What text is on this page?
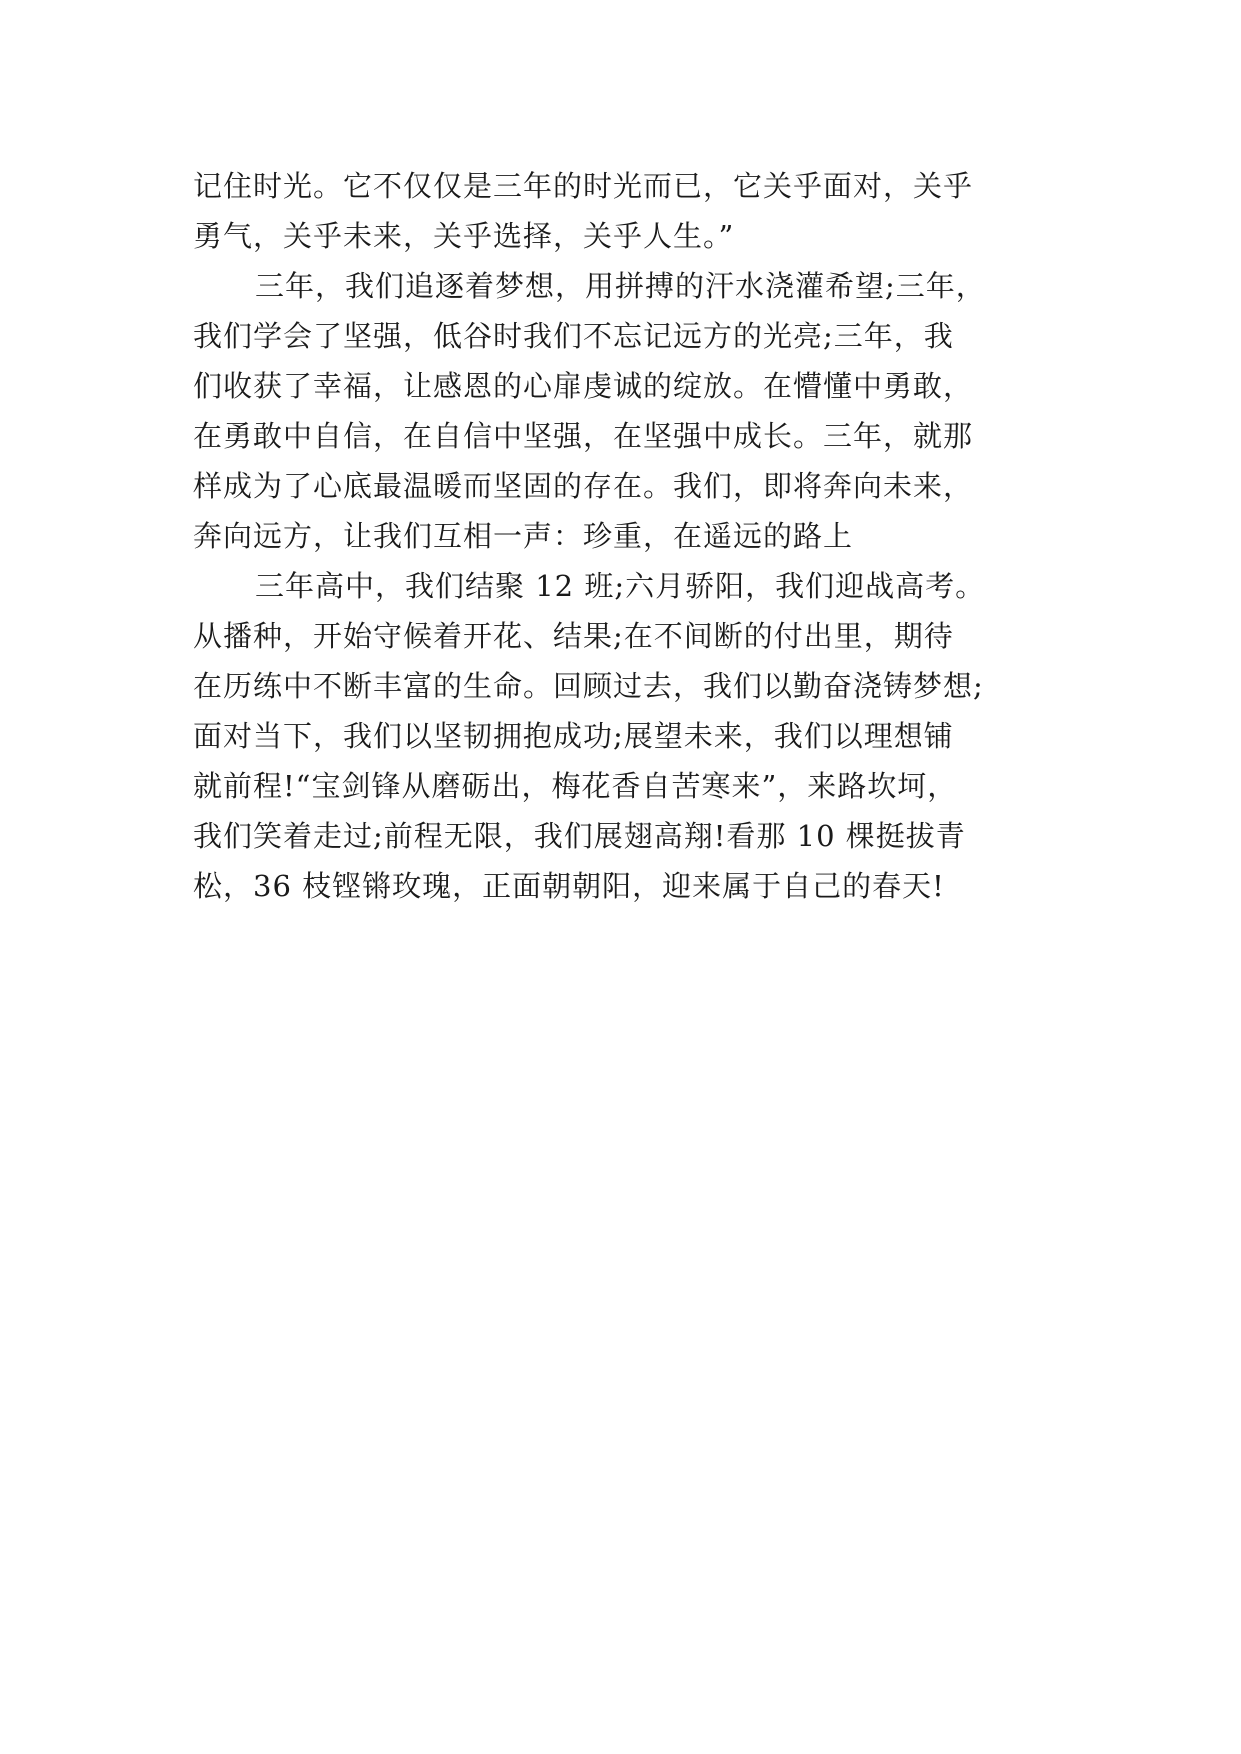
记住时光。它不仅仅是三年的时光而已，它关乎面对，关乎
勇气，关乎未来，关乎选择，关乎人生。”
三年，我们追逐着梦想，用拼搏的汗水浇灌希望;三年，
我们学会了坚强，低谷时我们不忘记远方的光亮;三年，我
们收获了幸福，让感恩的心扉虔诚的绽放。在懵懂中勇敢，
在勇敢中自信，在自信中坚强，在坚强中成长。三年，就那
样成为了心底最温暖而坚固的存在。我们，即将奔向未来，
奔向远方，让我们互相一声：珍重，在遥远的路上
三年高中，我们结聚 12 班;六月骄阳，我们迎战高考。
从播种，开始守候着开花、结果;在不间断的付出里，期待
在历练中不断丰富的生命。回顾过去，我们以勤奋浇铸梦想;
面对当下，我们以坚韧拥抱成功;展望未来，我们以理想铺
就前程!“宝剑锋从磨砺出，梅花香自苦寒来”，来路坎坷，
我们笑着走过;前程无限，我们展翅高翔!看那 10 棵挺拔青
松，36 枝铿锵玫瑰，正面朝朝阳，迎来属于自己的春天!
